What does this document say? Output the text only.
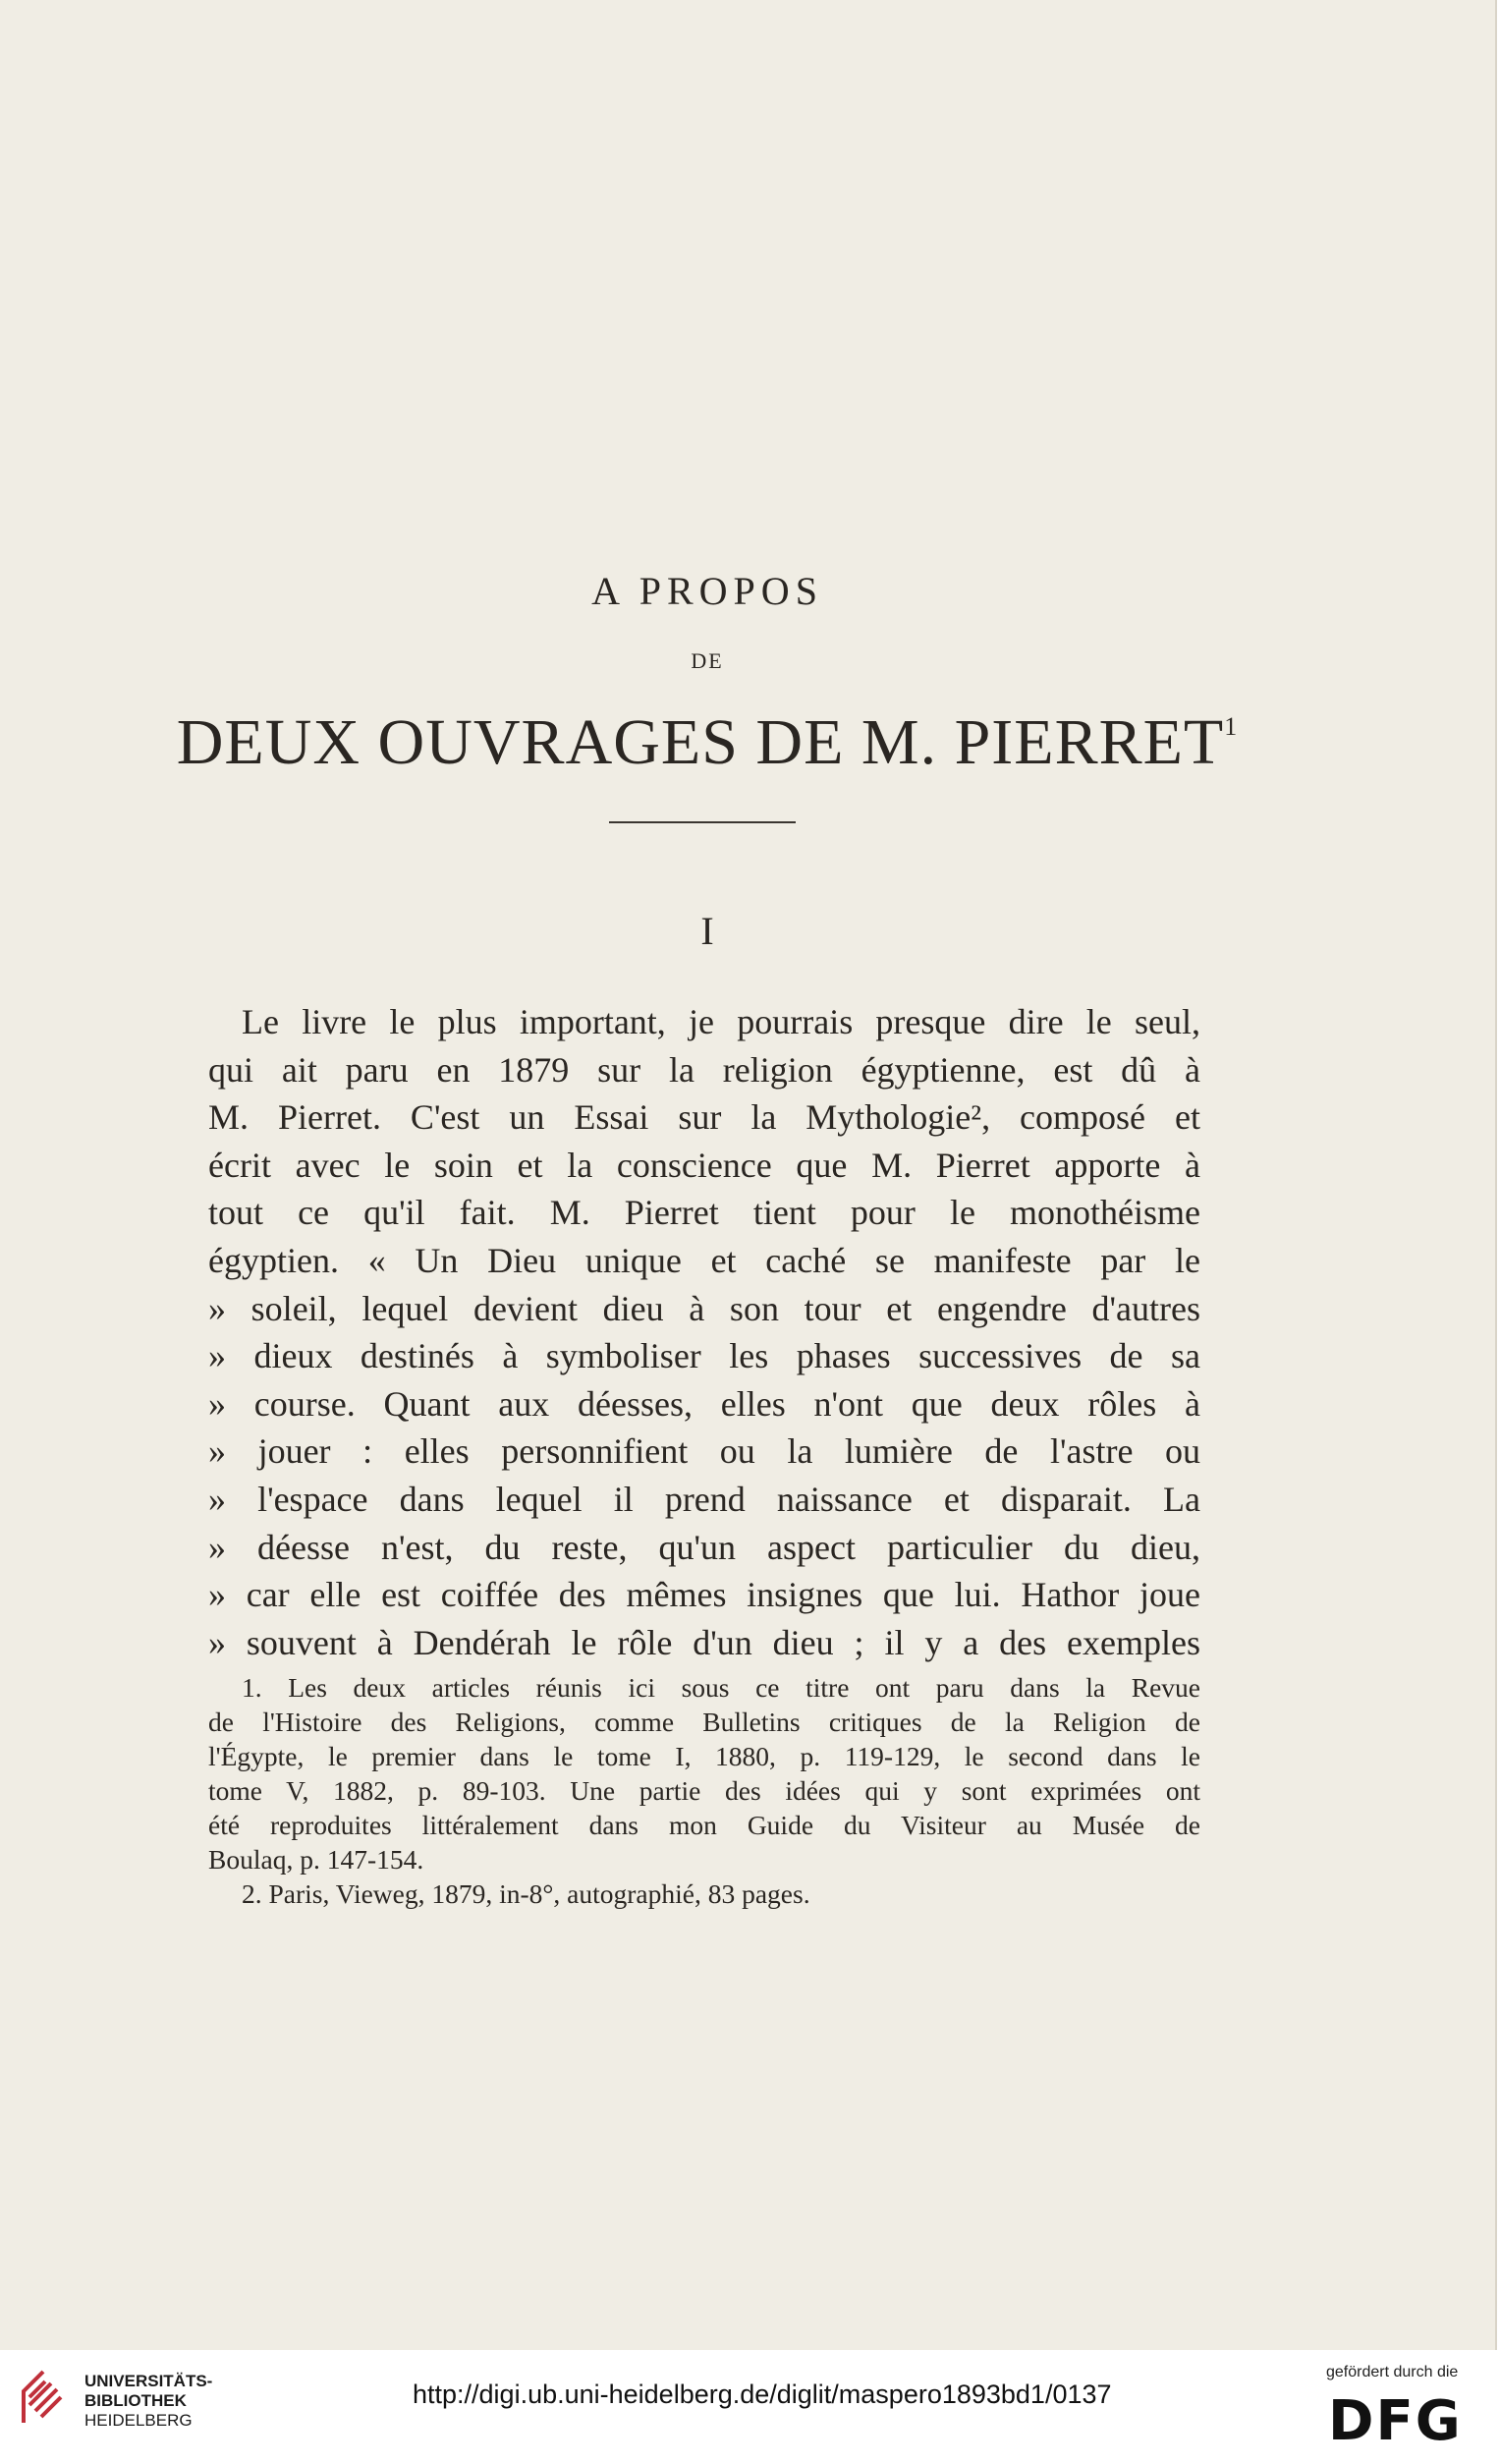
A PROPOS
DE
DEUX OUVRAGES DE M. PIERRET$^1$
I
Le livre le plus important, je pourrais presque dire le seul,
qui ait paru en 1879 sur la religion égyptienne, est dû à
M. Pierret. C'est un Essai sur la Mythologie², composé et
écrit avec le soin et la conscience que M. Pierret apporte à
tout ce qu'il fait. M. Pierret tient pour le monothéisme
égyptien. « Un Dieu unique et caché se manifeste par le
» soleil, lequel devient dieu à son tour et engendre d'autres
» dieux destinés à symboliser les phases successives de sa
» course. Quant aux déesses, elles n'ont que deux rôles à
» jouer : elles personnifient ou la lumière de l'astre ou
» l'espace dans lequel il prend naissance et disparait. La
» déesse n'est, du reste, qu'un aspect particulier du dieu,
» car elle est coiffée des mêmes insignes que lui. Hathor joue
» souvent à Dendérah le rôle d'un dieu ; il y a des exemples
1. Les deux articles réunis ici sous ce titre ont paru dans la Revue
de l'Histoire des Religions, comme Bulletins critiques de la Religion de
l'Égypte, le premier dans le tome I, 1880, p. 119-129, le second dans le
tome V, 1882, p. 89-103. Une partie des idées qui y sont exprimées ont
été reproduites littéralement dans mon Guide du Visiteur au Musée de
Boulaq, p. 147-154.
2. Paris, Vieweg, 1879, in-8°, autographié, 83 pages.
UNIVERSITÄTS-
BIBLIOTHEK
HEIDELBERG
http://digi.ub.uni-heidelberg.de/diglit/maspero1893bd1/0137
gefördert durch die
DFG
